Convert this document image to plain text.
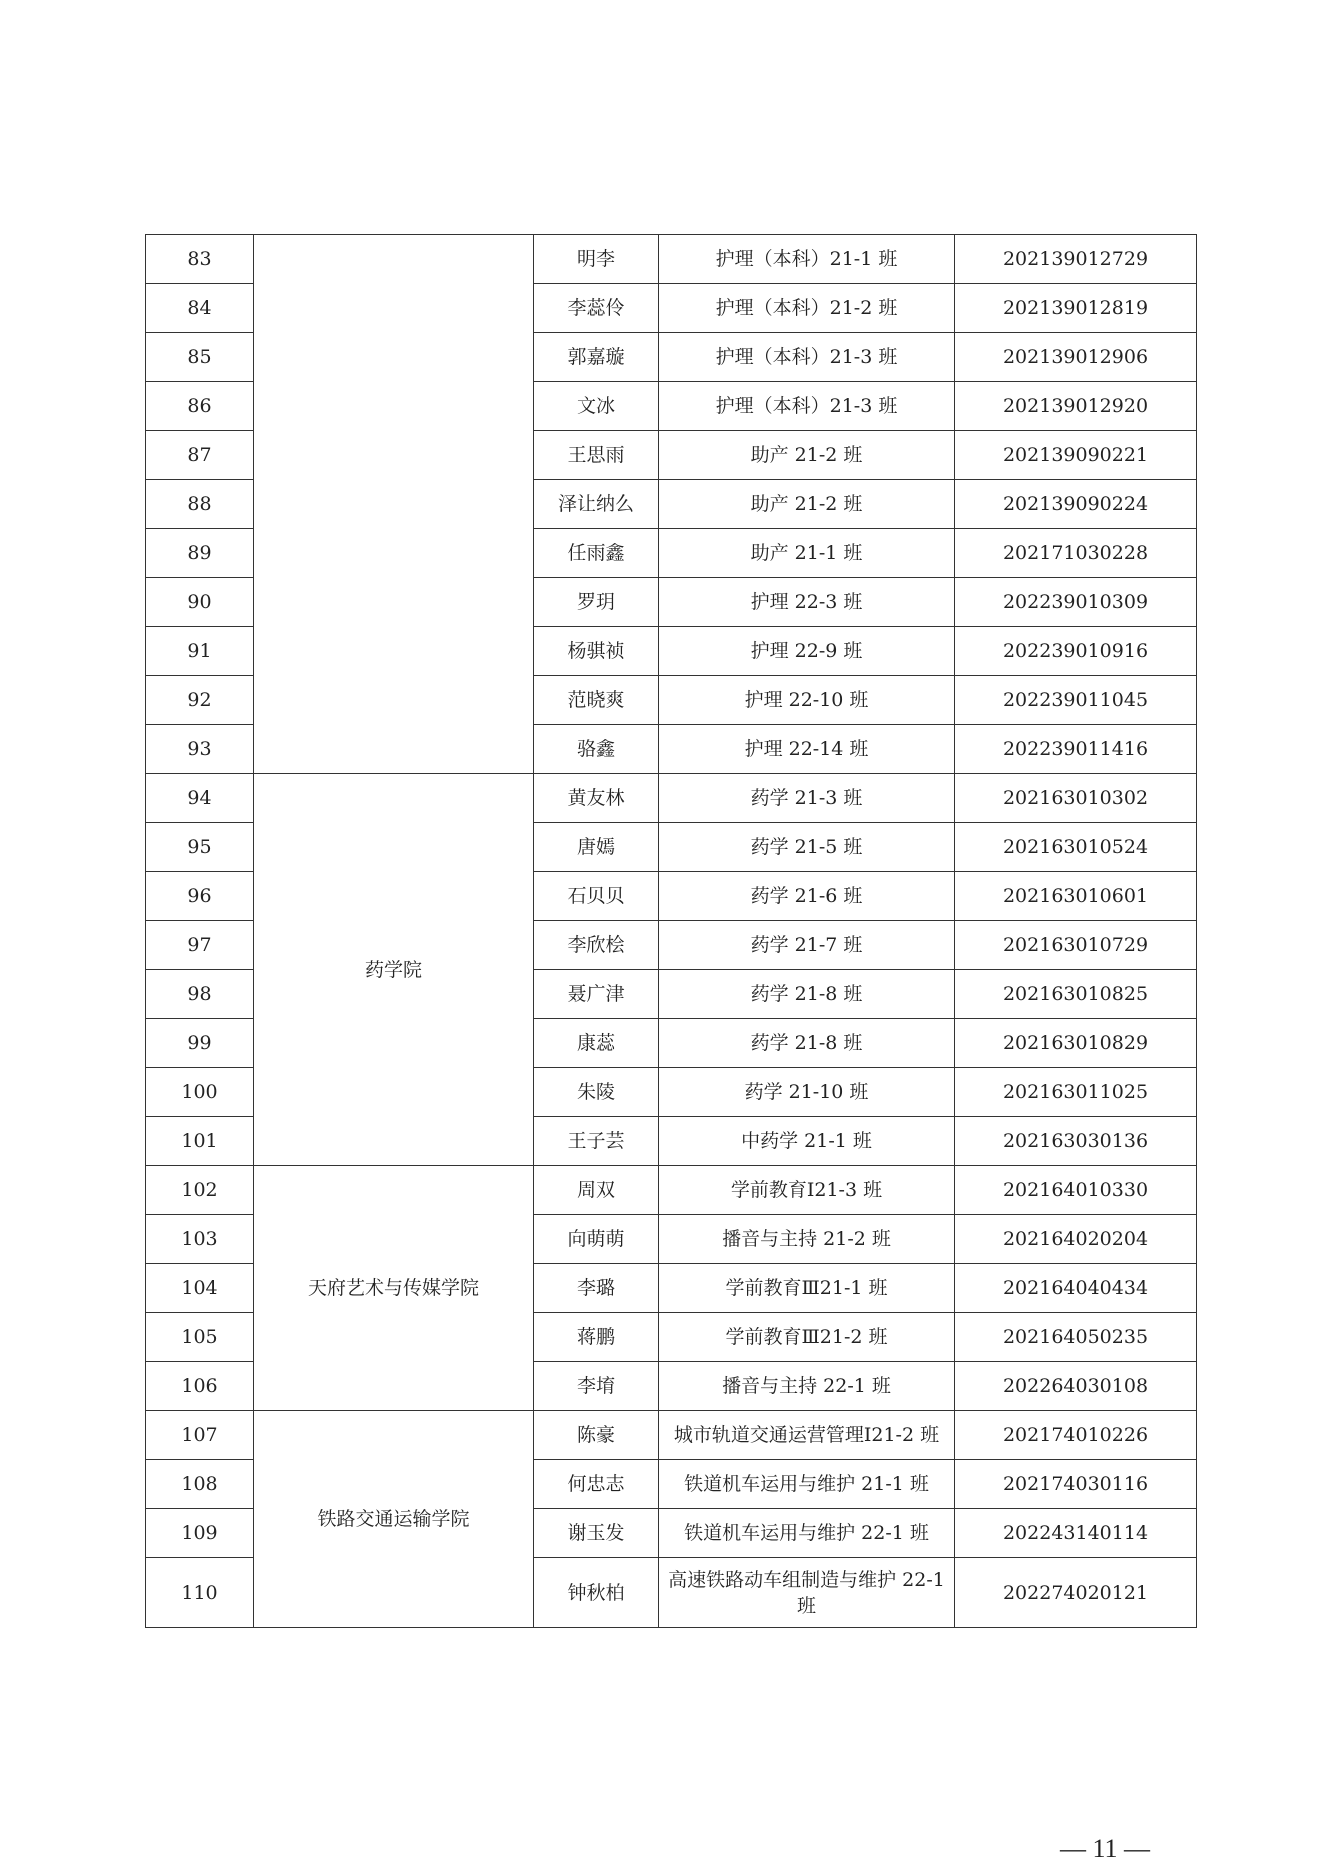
83		明李	护理（本科）21-1 班	202139012729
84		李蕊伶	护理（本科）21-2 班	202139012819
85		郭嘉璇	护理（本科）21-3 班	202139012906
86		文冰	护理（本科）21-3 班	202139012920
87		王思雨	助产 21-2 班	202139090221
88		泽让纳么	助产 21-2 班	202139090224
89		任雨鑫	助产 21-1 班	202171030228
90		罗玥	护理 22-3 班	202239010309
91		杨骐祯	护理 22-9 班	202239010916
92		范晓爽	护理 22-10 班	202239011045
93		骆鑫	护理 22-14 班	202239011416
94	药学院	黄友林	药学 21-3 班	202163010302
95		唐嫣	药学 21-5 班	202163010524
96		石贝贝	药学 21-6 班	202163010601
97		李欣桧	药学 21-7 班	202163010729
98		聂广津	药学 21-8 班	202163010825
99		康蕊	药学 21-8 班	202163010829
100		朱陵	药学 21-10 班	202163011025
101		王子芸	中药学 21-1 班	202163030136
102	天府艺术与传媒学院	周双	学前教育Ⅰ21-3 班	202164010330
103		向萌萌	播音与主持 21-2 班	202164020204
104		李璐	学前教育Ⅲ21-1 班	202164040434
105		蒋鹏	学前教育Ⅲ21-2 班	202164050235
106		李堉	播音与主持 22-1 班	202264030108
107	铁路交通运输学院	陈豪	城市轨道交通运营管理Ⅰ21-2 班	202174010226
108		何忠志	铁道机车运用与维护 21-1 班	202174030116
109		谢玉发	铁道机车运用与维护 22-1 班	202243140114
110		钟秋柏	高速铁路动车组制造与维护 22-1 班	202274020121
— 11 —
